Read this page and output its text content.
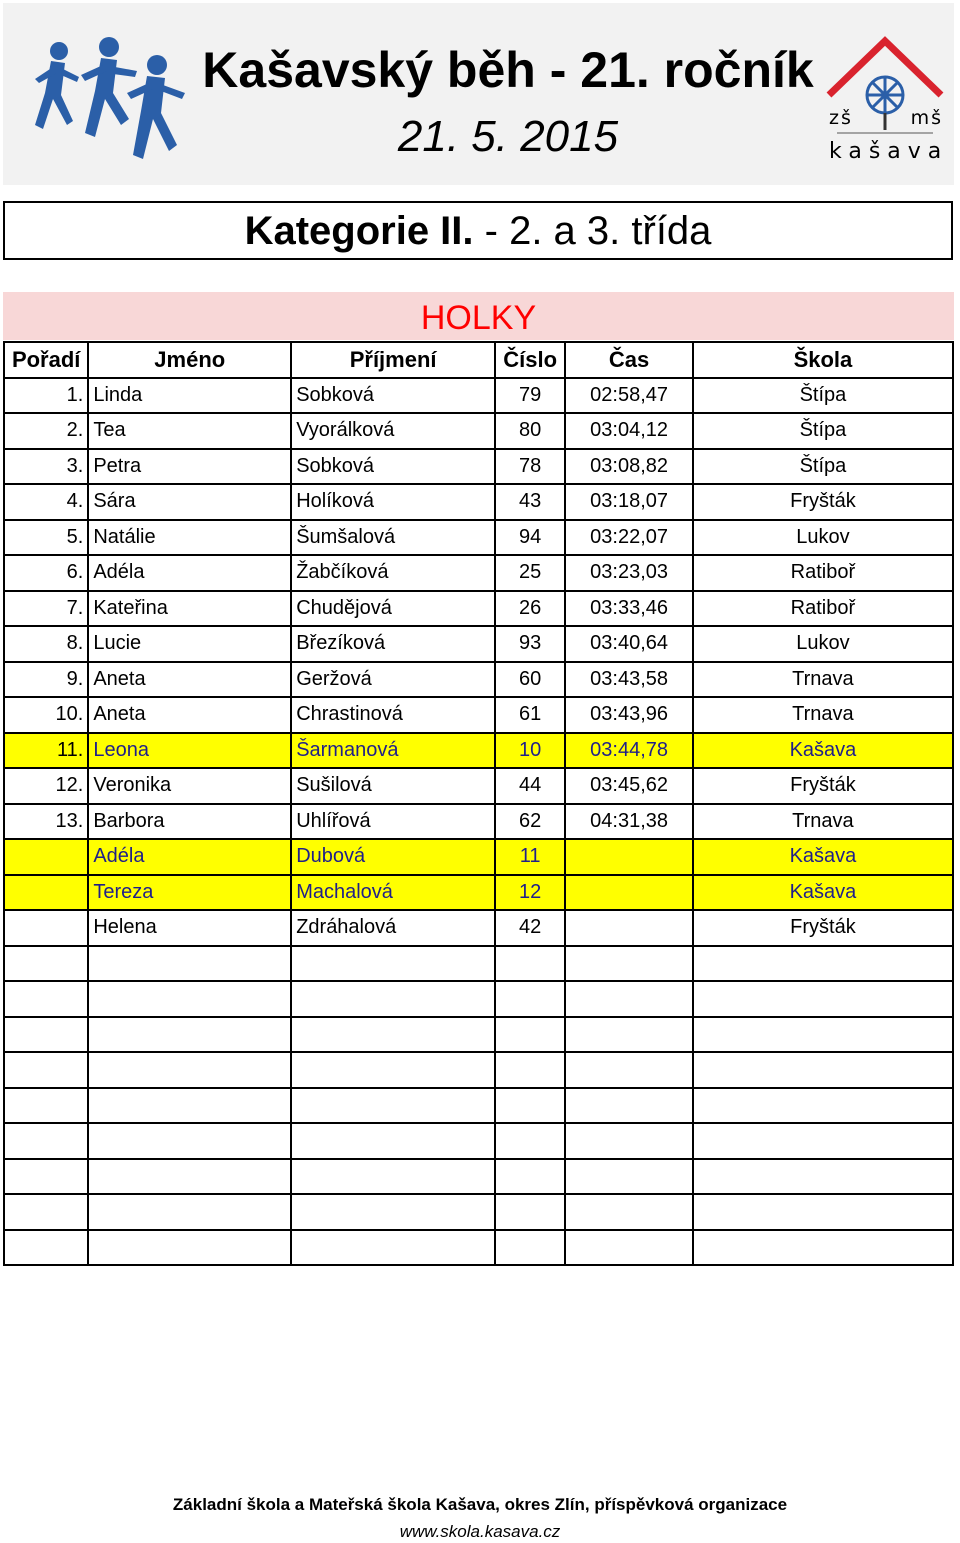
zš	mš
kašava
Kašavský běh - 21. ročník
21. 5. 2015
Kategorie II. - 2. a 3. třída
HOLKY
Pořadí	Jméno	Příjmení	Číslo	Čas	Škola
1.	Linda	Sobková	79	02:58,47	Štípa
2.	Tea	Vyorálková	80	03:04,12	Štípa
3.	Petra	Sobková	78	03:08,82	Štípa
4.	Sára	Holíková	43	03:18,07	Fryšták
5.	Natálie	Šumšalová	94	03:22,07	Lukov
6.	Adéla	Žabčíková	25	03:23,03	Ratiboř
7.	Kateřina	Chudějová	26	03:33,46	Ratiboř
8.	Lucie	Březíková	93	03:40,64	Lukov
9.	Aneta	Geržová	60	03:43,58	Trnava
10.	Aneta	Chrastinová	61	03:43,96	Trnava
11.	Leona	Šarmanová	10	03:44,78	Kašava
12.	Veronika	Sušilová	44	03:45,62	Fryšták
13.	Barbora	Uhlířová	62	04:31,38	Trnava
	Adéla	Dubová	11		Kašava
	Tereza	Machalová	12		Kašava
	Helena	Zdráhalová	42		Fryšták

Základní škola a Mateřská škola Kašava, okres Zlín, příspěvková organizace
www.skola.kasava.cz
